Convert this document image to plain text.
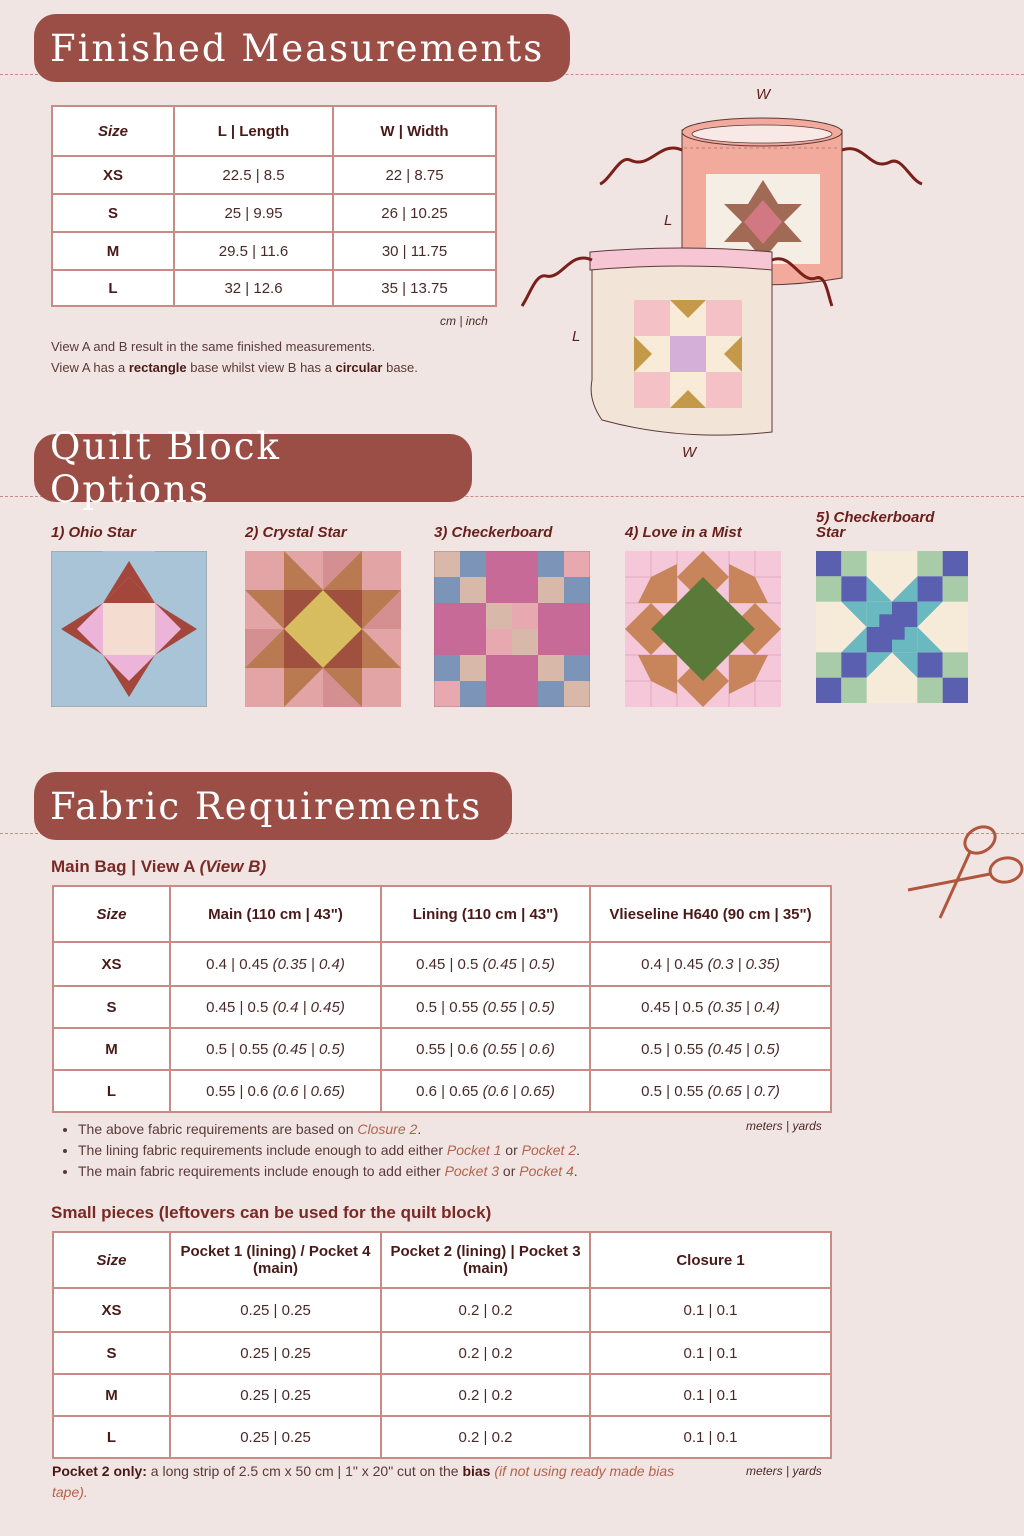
Finished Measurements
Size	L | Length	W | Width
XS	22.5 | 8.5	22 | 8.75
S	25 | 9.95	26 | 10.25
M	29.5 | 11.6	30 | 11.75
L	32 | 12.6	35 | 13.75
cm | inch
View A and B result in the same finished measurements.
View A has a rectangle base whilst view B has a circular base.
W
L
L
W
Quilt Block Options
1) Ohio Star	2) Crystal Star	3) Checkerboard	4) Love in a Mist
5) Checkerboard Star
Fabric Requirements
Main Bag | View A (View B)
Size	Main (110 cm | 43")	Lining (110 cm | 43")	Vlieseline H640 (90 cm | 35")
XS	0.4 | 0.45 (0.35 | 0.4)	0.45 | 0.5 (0.45 | 0.5)	0.4 | 0.45 (0.3 | 0.35)
S	0.45 | 0.5 (0.4 | 0.45)	0.5 | 0.55 (0.55 | 0.5)	0.45 | 0.5 (0.35 | 0.4)
M	0.5 | 0.55 (0.45 | 0.5)	0.55 | 0.6 (0.55 | 0.6)	0.5 | 0.55 (0.45 | 0.5)
L	0.55 | 0.6 (0.6 | 0.65)	0.6 | 0.65 (0.6 | 0.65)	0.5 | 0.55 (0.65 | 0.7)
meters | yards
• The above fabric requirements are based on Closure 2.
• The lining fabric requirements include enough to add either Pocket 1 or Pocket 2.
• The main fabric requirements include enough to add either Pocket 3 or Pocket 4.
Small pieces (leftovers can be used for the quilt block)
Size	Pocket 1 (lining) / Pocket 4 (main)	Pocket 2 (lining) | Pocket 3 (main)	Closure 1
XS	0.25 | 0.25	0.2 | 0.2	0.1 | 0.1
S	0.25 | 0.25	0.2 | 0.2	0.1 | 0.1
M	0.25 | 0.25	0.2 | 0.2	0.1 | 0.1
L	0.25 | 0.25	0.2 | 0.2	0.1 | 0.1
Pocket 2 only: a long strip of 2.5 cm x 50 cm | 1" x 20" cut on the bias (if not using ready made bias tape).
meters | yards
